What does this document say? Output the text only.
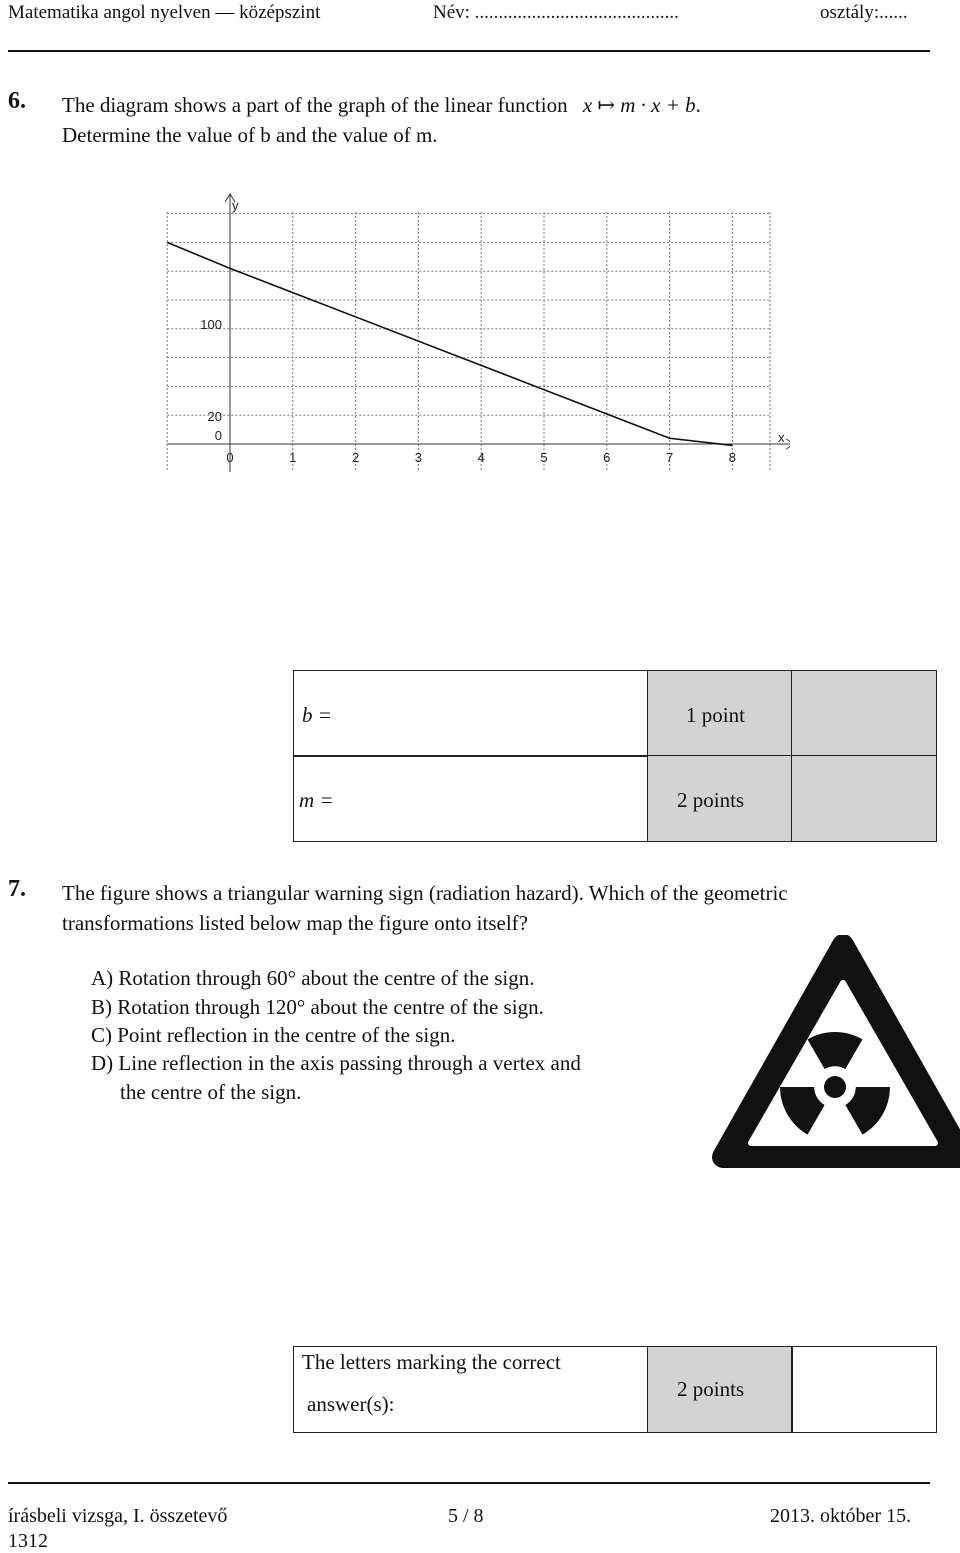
Matematika angol nyelven — középszint	Név: ...........................................	osztály:......
6. The diagram shows a part of the graph of the linear function x ↦ m · x + b.
Determine the value of b and the value of m.
0	1	2	3	4	5	6	7	8
100
20
0
y
x
b =	1 point
m =	2 points
7. The figure shows a triangular warning sign (radiation hazard). Which of the geometric
transformations listed below map the figure onto itself?
A) Rotation through 60° about the centre of the sign.
B) Rotation through 120° about the centre of the sign.
C) Point reflection in the centre of the sign.
D) Line reflection in the axis passing through a vertex and
the centre of the sign.
The letters marking the correct
answer(s):
2 points
írásbeli vizsga, I. összetevő
1312
5 / 8	2013. október 15.
